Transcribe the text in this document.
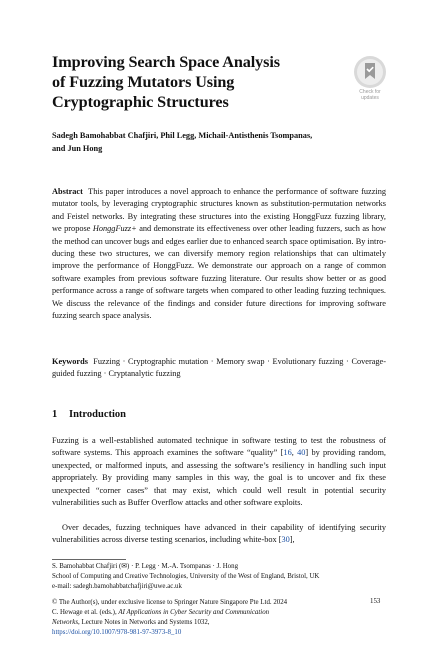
Improving Search Space Analysis
of Fuzzing Mutators Using
Cryptographic Structures
Check for
updates
Sadegh Bamohabbat Chafjiri, Phil Legg, Michail-Antisthenis Tsompanas,
and Jun Hong
Abstract This paper introduces a novel approach to enhance the performance of software fuzzing mutator tools, by leveraging cryptographic structures known as substitution-permutation networks and Feistel networks. By integrating these structures into the existing HonggFuzz fuzzing library, we propose HonggFuzz+ and demonstrate its effectiveness over other leading fuzzers, such as how the method can uncover bugs and edges earlier due to enhanced search space optimisation. By introducing these two structures, we can diversify memory region relationships that can ultimately improve the performance of HonggFuzz. We demonstrate our approach on a range of common software examples from previous software fuzzing literature. Our results show better or as good performance across a range of software targets when compared to other leading fuzzing techniques. We discuss the relevance of the findings and consider future directions for improving software fuzzing search space analysis.
Keywords Fuzzing · Cryptographic mutation · Memory swap · Evolutionary fuzzing · Coverage-guided fuzzing · Cryptanalytic fuzzing
1 Introduction
Fuzzing is a well-established automated technique in software testing to test the robustness of software systems. This approach examines the software “quality” [16, 40] by providing random, unexpected, or malformed inputs, and assessing the software’s resiliency in handling such input appropriately. By providing many samples in this way, the goal is to uncover and fix these unexpected “corner cases” that may exist, which could well result in potential security vulnerabilities such as Buffer Overflow attacks and other software exploits.
Over decades, fuzzing techniques have advanced in their capability of identifying security vulnerabilities across diverse testing scenarios, including white-box [30],
S. Bamohabbat Chafjiri (✉) · P. Legg · M.-A. Tsompanas · J. Hong
School of Computing and Creative Technologies, University of the West of England, Bristol, UK
e-mail: sadegh.bamohabbatchafjiri@uwe.ac.uk
© The Author(s), under exclusive license to Springer Nature Singapore Pte Ltd. 2024
C. Hewage et al. (eds.), AI Applications in Cyber Security and Communication
Networks, Lecture Notes in Networks and Systems 1032,
https://doi.org/10.1007/978-981-97-3973-8_10
153
